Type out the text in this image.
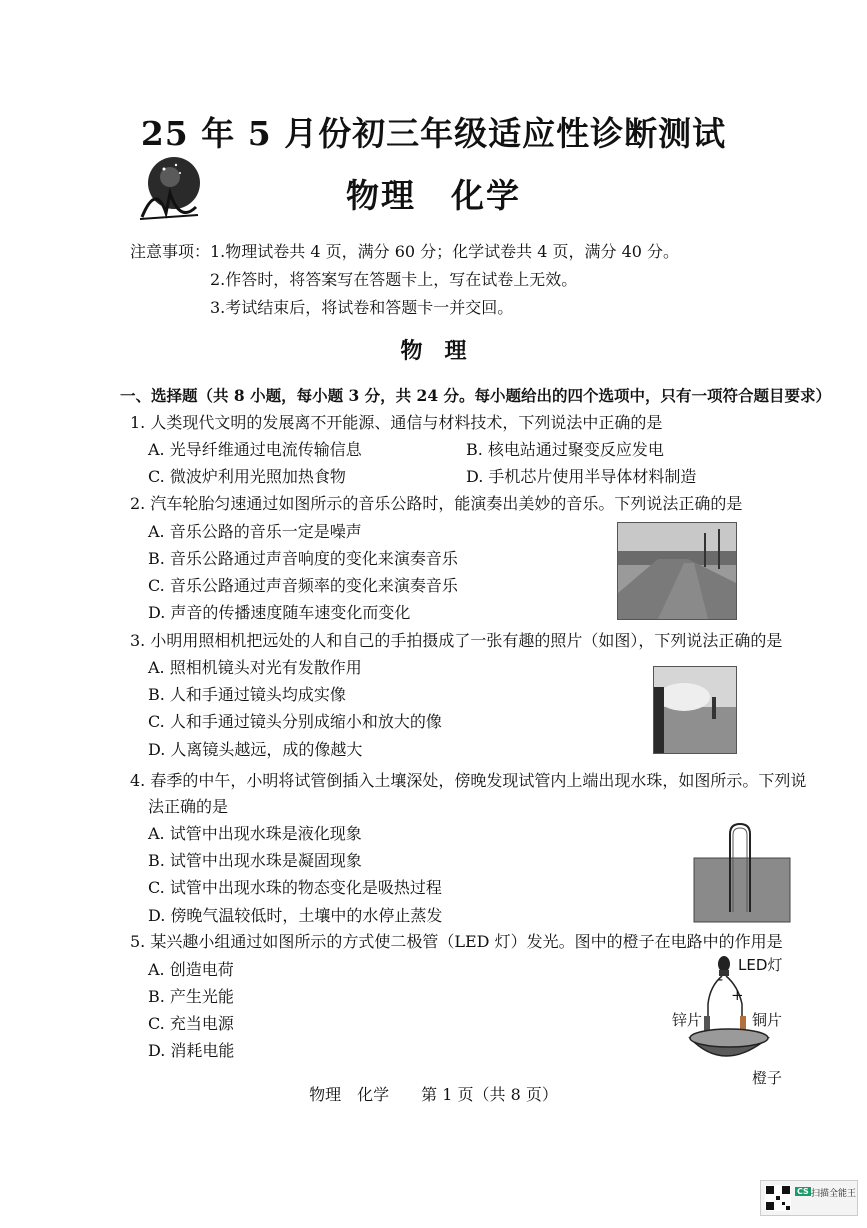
25 年 5 月份初三年级适应性诊断测试
物理　化学
注意事项： 1.物理试卷共 4 页，满分 60 分；化学试卷共 4 页，满分 40 分。
2.作答时，将答案写在答题卡上，写在试卷上无效。
3.考试结束后，将试卷和答题卡一并交回。
物　理
一、选择题（共 8 小题，每小题 3 分，共 24 分。每小题给出的四个选项中，只有一项符合题目要求）
1. 人类现代文明的发展离不开能源、通信与材料技术，下列说法中正确的是
A. 光导纤维通过电流传输信息	B. 核电站通过聚变反应发电
C. 微波炉利用光照加热食物	D. 手机芯片使用半导体材料制造
2. 汽车轮胎匀速通过如图所示的音乐公路时，能演奏出美妙的音乐。下列说法正确的是
A. 音乐公路的音乐一定是噪声
B. 音乐公路通过声音响度的变化来演奏音乐
C. 音乐公路通过声音频率的变化来演奏音乐
D. 声音的传播速度随车速变化而变化
3. 小明用照相机把远处的人和自己的手拍摄成了一张有趣的照片（如图），下列说法正确的是
A. 照相机镜头对光有发散作用
B. 人和手通过镜头均成实像
C. 人和手通过镜头分别成缩小和放大的像
D. 人离镜头越远，成的像越大
4. 春季的中午，小明将试管倒插入土壤深处，傍晚发现试管内上端出现水珠，如图所示。下列说
法正确的是
A. 试管中出现水珠是液化现象
B. 试管中出现水珠是凝固现象
C. 试管中出现水珠的物态变化是吸热过程
D. 傍晚气温较低时，土壤中的水停止蒸发
5. 某兴趣小组通过如图所示的方式使二极管（LED 灯）发光。图中的橙子在电路中的作用是
A. 创造电荷
B. 产生光能
C. 充当电源
D. 消耗电能
LED灯
-
+
锌片	铜片
橙子
物理　化学　　第 1 页（共 8 页）
CS 扫描全能王
